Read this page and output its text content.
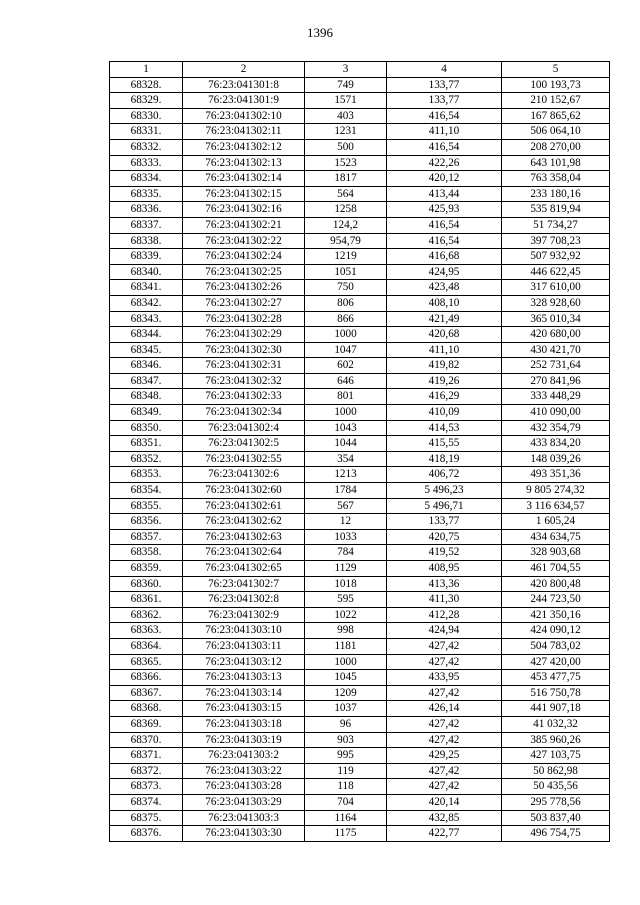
1396
1	2	3	4	5
68328.	76:23:041301:8	749	133,77	100 193,73
68329.	76:23:041301:9	1571	133,77	210 152,67
68330.	76:23:041302:10	403	416,54	167 865,62
68331.	76:23:041302:11	1231	411,10	506 064,10
68332.	76:23:041302:12	500	416,54	208 270,00
68333.	76:23:041302:13	1523	422,26	643 101,98
68334.	76:23:041302:14	1817	420,12	763 358,04
68335.	76:23:041302:15	564	413,44	233 180,16
68336.	76:23:041302:16	1258	425,93	535 819,94
68337.	76:23:041302:21	124,2	416,54	51 734,27
68338.	76:23:041302:22	954,79	416,54	397 708,23
68339.	76:23:041302:24	1219	416,68	507 932,92
68340.	76:23:041302:25	1051	424,95	446 622,45
68341.	76:23:041302:26	750	423,48	317 610,00
68342.	76:23:041302:27	806	408,10	328 928,60
68343.	76:23:041302:28	866	421,49	365 010,34
68344.	76:23:041302:29	1000	420,68	420 680,00
68345.	76:23:041302:30	1047	411,10	430 421,70
68346.	76:23:041302:31	602	419,82	252 731,64
68347.	76:23:041302:32	646	419,26	270 841,96
68348.	76:23:041302:33	801	416,29	333 448,29
68349.	76:23:041302:34	1000	410,09	410 090,00
68350.	76:23:041302:4	1043	414,53	432 354,79
68351.	76:23:041302:5	1044	415,55	433 834,20
68352.	76:23:041302:55	354	418,19	148 039,26
68353.	76:23:041302:6	1213	406,72	493 351,36
68354.	76:23:041302:60	1784	5 496,23	9 805 274,32
68355.	76:23:041302:61	567	5 496,71	3 116 634,57
68356.	76:23:041302:62	12	133,77	1 605,24
68357.	76:23:041302:63	1033	420,75	434 634,75
68358.	76:23:041302:64	784	419,52	328 903,68
68359.	76:23:041302:65	1129	408,95	461 704,55
68360.	76:23:041302:7	1018	413,36	420 800,48
68361.	76:23:041302:8	595	411,30	244 723,50
68362.	76:23:041302:9	1022	412,28	421 350,16
68363.	76:23:041303:10	998	424,94	424 090,12
68364.	76:23:041303:11	1181	427,42	504 783,02
68365.	76:23:041303:12	1000	427,42	427 420,00
68366.	76:23:041303:13	1045	433,95	453 477,75
68367.	76:23:041303:14	1209	427,42	516 750,78
68368.	76:23:041303:15	1037	426,14	441 907,18
68369.	76:23:041303:18	96	427,42	41 032,32
68370.	76:23:041303:19	903	427,42	385 960,26
68371.	76:23:041303:2	995	429,25	427 103,75
68372.	76:23:041303:22	119	427,42	50 862,98
68373.	76:23:041303:28	118	427,42	50 435,56
68374.	76:23:041303:29	704	420,14	295 778,56
68375.	76:23:041303:3	1164	432,85	503 837,40
68376.	76:23:041303:30	1175	422,77	496 754,75
